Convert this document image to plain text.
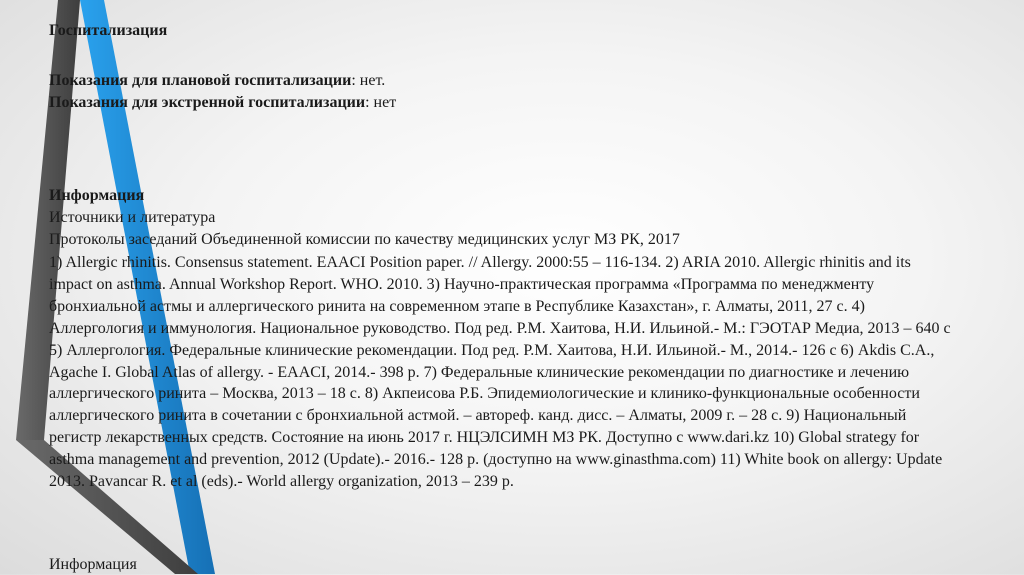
Госпитализация

Показания для плановой госпитализации: нет.

Показания для экстренной госпитализации: нет

Информация

Источники и литература

Протоколы заседаний Объединенной комиссии по качеству медицинских услуг МЗ РК, 2017

1) Allergic rhinitis. Consensus statement. EAACI Position paper. // Allergy. 2000:55 – 116-134. 2) ARIA 2010. Allergic rhinitis and its impact on asthma. Annual Workshop Report. WHO. 2010. 3) Научно-практическая программа «Программа по менеджменту бронхиальной астмы и аллергического ринита на современном этапе в Республике Казахстан», г. Алматы, 2011, 27 с. 4) Аллергология и иммунология. Национальное руководство. Под ред. Р.М. Хаитова, Н.И. Ильиной.- М.: ГЭОТАР Медиа, 2013 – 640 с 5) Аллергология. Федеральные клинические рекомендации. Под ред. Р.М. Хаитова, Н.И. Ильиной.- М., 2014.- 126 с 6) Akdis C.A., Agache I. Global Atlas of allergy. - EAACI, 2014.- 398 p. 7) Федеральные клинические рекомендации по диагностике и лечению аллергического ринита – Москва, 2013 – 18 с. 8) Акпеисова Р.Б. Эпидемиологические и клинико-функциональные особенности аллергического ринита в сочетании с бронхиальной астмой. – автореф. канд. дисс. – Алматы, 2009 г. – 28 с. 9) Национальный регистр лекарственных средств. Состояние на июнь 2017 г. НЦЭЛСИМН МЗ РК. Доступно с www.dari.kz 10) Global strategy for asthma management and prevention, 2012 (Update).- 2016.- 128 p. (доступно на www.ginasthma.com) 11) White book on allergy: Update 2013. Pavancar R. et al (eds).- World allergy organization, 2013 – 239 p.

Информация
